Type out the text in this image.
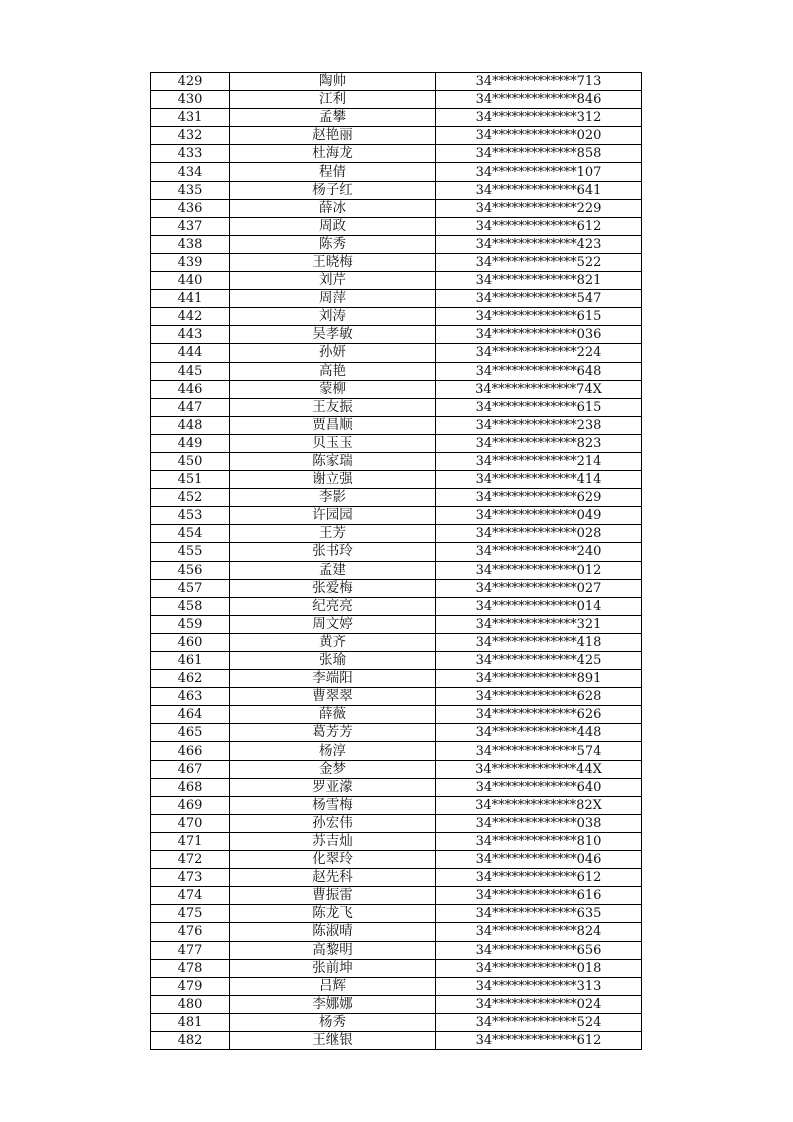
429	陶帅	34*************713
430	江利	34*************846
431	孟攀	34*************312
432	赵艳丽	34*************020
433	杜海龙	34*************858
434	程倩	34*************107
435	杨子红	34*************641
436	薛冰	34*************229
437	周政	34*************612
438	陈秀	34*************423
439	王晓梅	34*************522
440	刘芹	34*************821
441	周萍	34*************547
442	刘涛	34*************615
443	吴孝敏	34*************036
444	孙妍	34*************224
445	高艳	34*************648
446	蒙柳	34*************74X
447	王友振	34*************615
448	贾昌顺	34*************238
449	贝玉玉	34*************823
450	陈家瑞	34*************214
451	谢立强	34*************414
452	李影	34*************629
453	许园园	34*************049
454	王芳	34*************028
455	张书玲	34*************240
456	孟建	34*************012
457	张爱梅	34*************027
458	纪亮亮	34*************014
459	周文婷	34*************321
460	黄齐	34*************418
461	张瑜	34*************425
462	李端阳	34*************891
463	曹翠翠	34*************628
464	薛薇	34*************626
465	葛芳芳	34*************448
466	杨淳	34*************574
467	金梦	34*************44X
468	罗亚濛	34*************640
469	杨雪梅	34*************82X
470	孙宏伟	34*************038
471	苏吉灿	34*************810
472	化翠玲	34*************046
473	赵先科	34*************612
474	曹振雷	34*************616
475	陈龙飞	34*************635
476	陈淑晴	34*************824
477	高黎明	34*************656
478	张前坤	34*************018
479	吕辉	34*************313
480	李娜娜	34*************024
481	杨秀	34*************524
482	王继银	34*************612
